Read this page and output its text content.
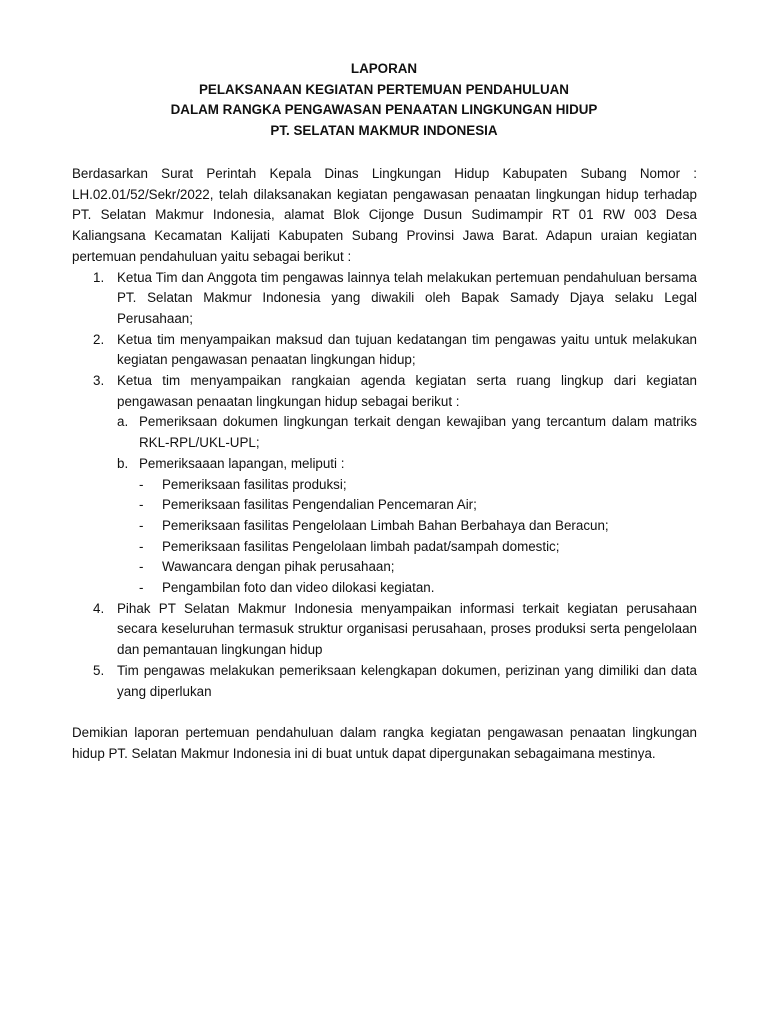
LAPORAN
PELAKSANAAN KEGIATAN PERTEMUAN PENDAHULUAN
DALAM RANGKA PENGAWASAN PENAATAN LINGKUNGAN HIDUP
PT. SELATAN MAKMUR INDONESIA

Berdasarkan Surat Perintah Kepala Dinas Lingkungan Hidup Kabupaten Subang Nomor : LH.02.01/52/Sekr/2022, telah dilaksanakan kegiatan pengawasan penaatan lingkungan hidup terhadap PT. Selatan Makmur Indonesia, alamat Blok Cijonge Dusun Sudimampir RT 01 RW 003 Desa Kaliangsana Kecamatan Kalijati Kabupaten Subang Provinsi Jawa Barat. Adapun uraian kegiatan pertemuan pendahuluan yaitu sebagai berikut :

1. Ketua Tim dan Anggota tim pengawas lainnya telah melakukan pertemuan pendahuluan bersama PT. Selatan Makmur Indonesia yang diwakili oleh Bapak Samady Djaya selaku Legal Perusahaan;
2. Ketua tim menyampaikan maksud dan tujuan kedatangan tim pengawas yaitu untuk melakukan kegiatan pengawasan penaatan lingkungan hidup;
3. Ketua tim menyampaikan rangkaian agenda kegiatan serta ruang lingkup dari kegiatan pengawasan penaatan lingkungan hidup sebagai berikut :
a. Pemeriksaan dokumen lingkungan terkait dengan kewajiban yang tercantum dalam matriks RKL-RPL/UKL-UPL;
b. Pemeriksaaan lapangan, meliputi :
- Pemeriksaan fasilitas produksi;
- Pemeriksaan fasilitas Pengendalian Pencemaran Air;
- Pemeriksaan fasilitas Pengelolaan Limbah Bahan Berbahaya dan Beracun;
- Pemeriksaan fasilitas Pengelolaan limbah padat/sampah domestic;
- Wawancara dengan pihak perusahaan;
- Pengambilan foto dan video dilokasi kegiatan.
4. Pihak PT Selatan Makmur Indonesia menyampaikan informasi terkait kegiatan perusahaan secara keseluruhan termasuk struktur organisasi perusahaan, proses produksi serta pengelolaan dan pemantauan lingkungan hidup
5. Tim pengawas melakukan pemeriksaan kelengkapan dokumen, perizinan yang dimiliki dan data yang diperlukan

Demikian laporan pertemuan pendahuluan dalam rangka kegiatan pengawasan penaatan lingkungan hidup PT. Selatan Makmur Indonesia ini di buat untuk dapat dipergunakan sebagaimana mestinya.
